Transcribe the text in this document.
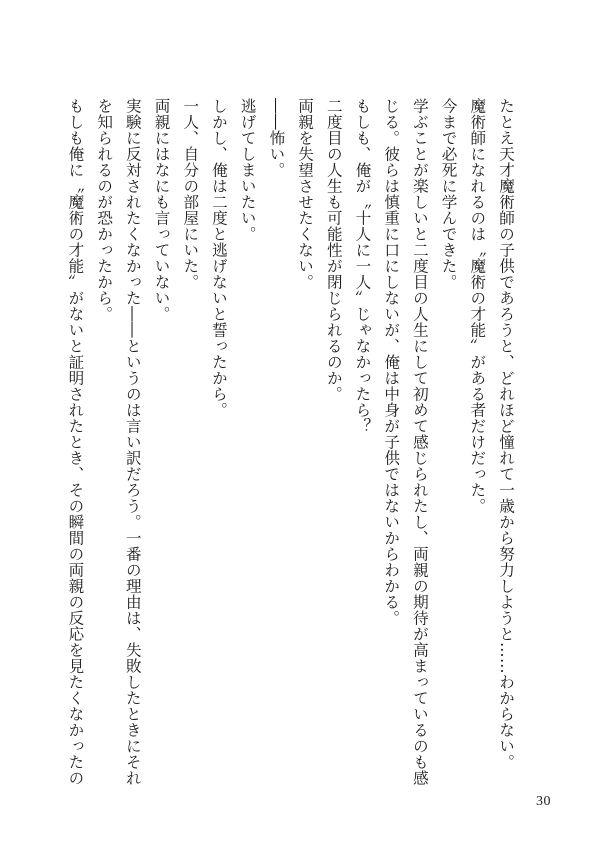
たとえ天才魔術師の子供であろうと、どれほど憧れて一歳から努力しようと……わからない。
魔術師になれるのは〝魔術の才能〟がある者だけだった。
今まで必死に学んできた。
学ぶことが楽しいと二度目の人生にして初めて感じられたし、両親の期待が高まっているのも感
じる。彼らは慎重に口にしないが、俺は中身が子供ではないからわかる。
もしも、俺が〝十人に一人〟じゃなかったら？
二度目の人生も可能性が閉じられるのか。
両親を失望させたくない。
――怖い。
逃げてしまいたい。
しかし、俺は二度と逃げないと誓ったから。
一人、自分の部屋にいた。
両親にはなにも言っていない。
実験に反対されたくなかった――というのは言い訳だろう。一番の理由は、失敗したときにそれ
を知られるのが恐かったから。
もしも俺に〝魔術の才能〟がないと証明されたとき、その瞬間の両親の反応を見たくなかったの
30
